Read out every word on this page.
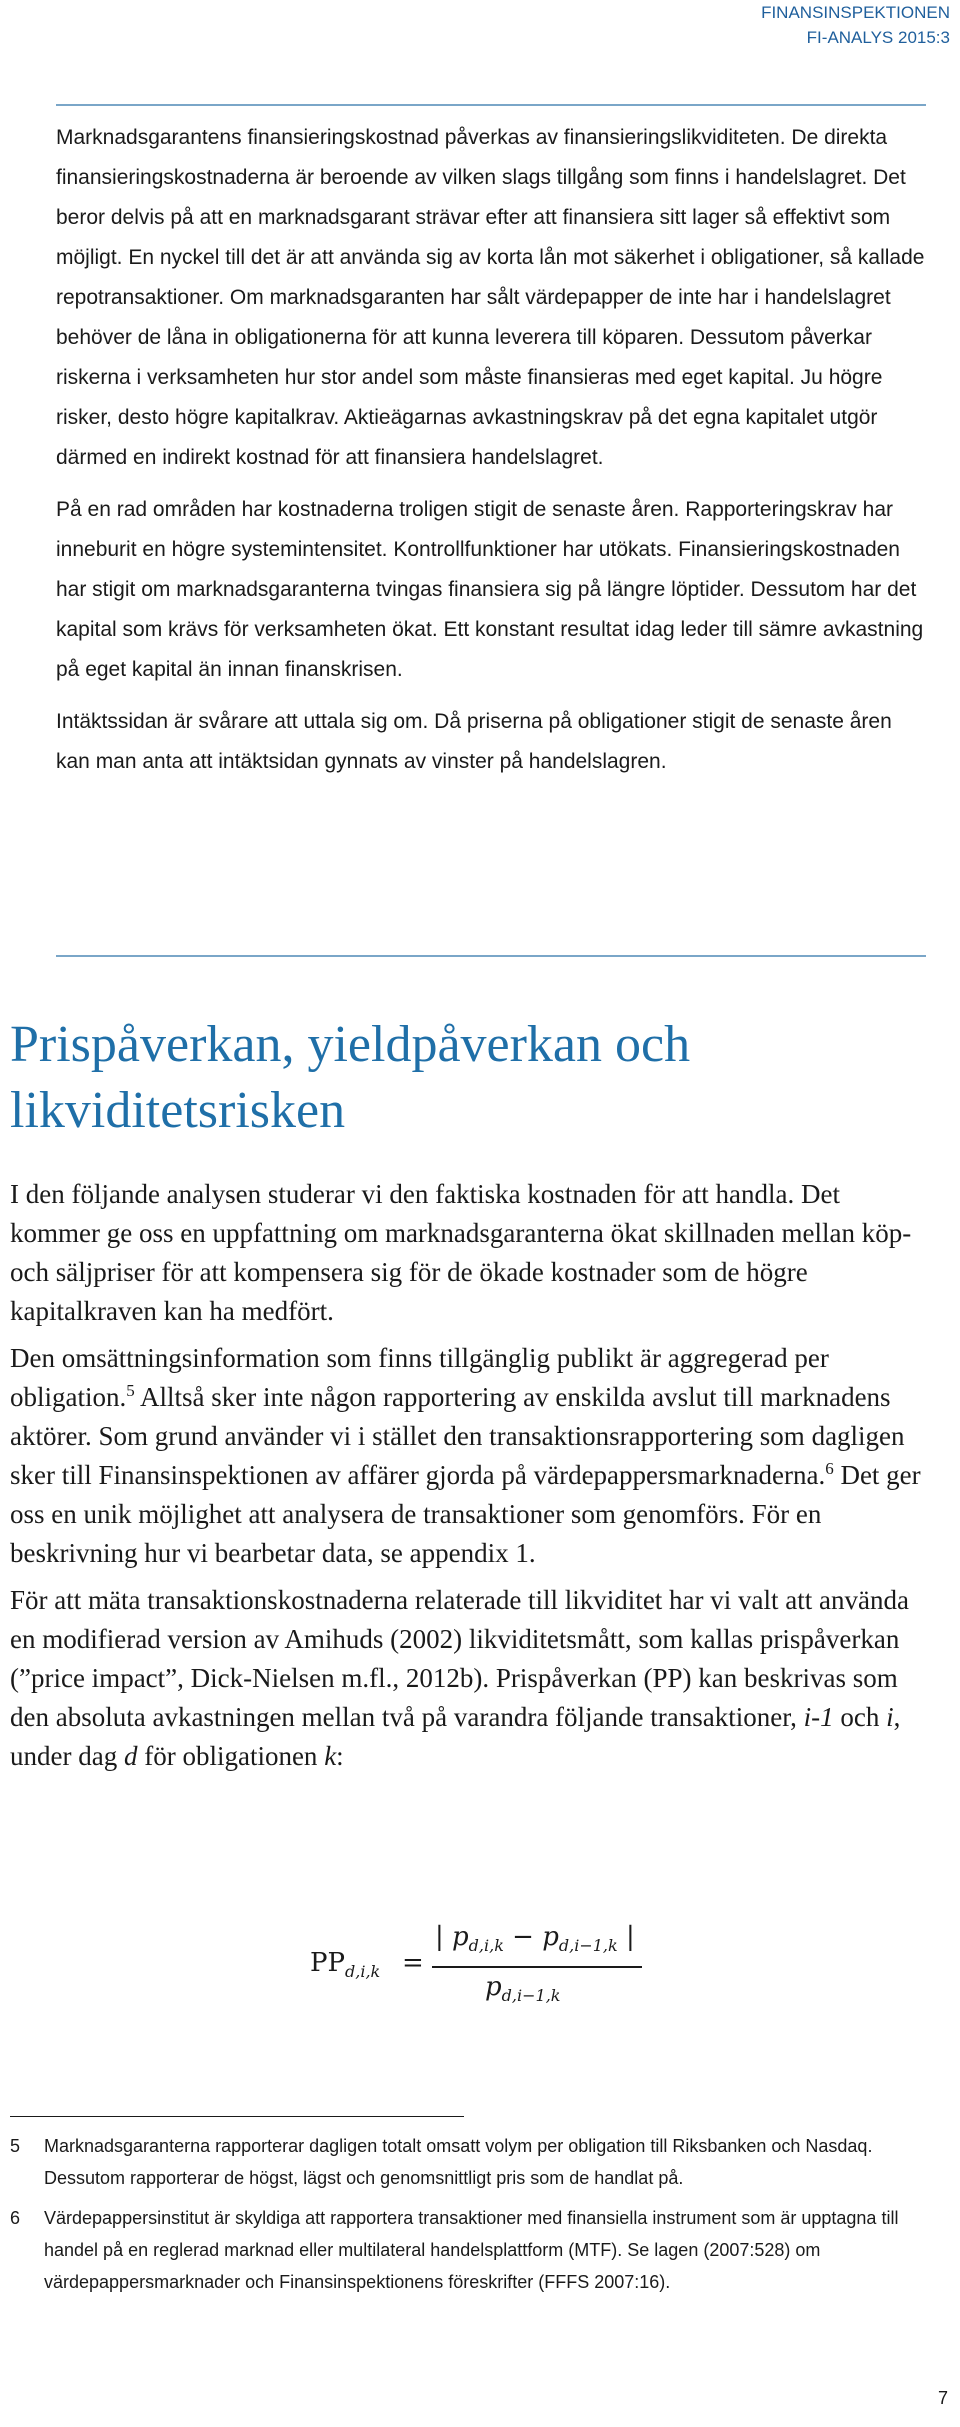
FINANSINSPEKTIONEN
FI-ANALYS 2015:3

Marknadsgarantens finansieringskostnad påverkas av finansieringslikviditeten. De direkta finansieringskostnaderna är beroende av vilken slags tillgång som finns i handelslagret. Det beror delvis på att en marknadsgarant strävar efter att finansiera sitt lager så effektivt som möjligt. En nyckel till det är att använda sig av korta lån mot säkerhet i obligationer, så kallade repotransaktioner. Om marknadsgaranten har sålt värdepapper de inte har i handelslagret behöver de låna in obligationerna för att kunna leverera till köparen. Dessutom påverkar riskerna i verksamheten hur stor andel som måste finansieras med eget kapital. Ju högre risker, desto högre kapitalkrav. Aktieägarnas avkastningskrav på det egna kapitalet utgör därmed en indirekt kostnad för att finansiera handelslagret.

På en rad områden har kostnaderna troligen stigit de senaste åren. Rapporteringskrav har inneburit en högre systemintensitet. Kontrollfunktioner har utökats. Finansieringskostnaden har stigit om marknadsgaranterna tvingas finansiera sig på längre löptider. Dessutom har det kapital som krävs för verksamheten ökat. Ett konstant resultat idag leder till sämre avkastning på eget kapital än innan finanskrisen.

Intäktssidan är svårare att uttala sig om. Då priserna på obligationer stigit de senaste åren kan man anta att intäktsidan gynnats av vinster på handelslagren.

Prispåverkan, yieldpåverkan och likviditetsrisken

I den följande analysen studerar vi den faktiska kostnaden för att handla. Det kommer ge oss en uppfattning om marknadsgaranterna ökat skillnaden mellan köp- och säljpriser för att kompensera sig för de ökade kostnader som de högre kapitalkraven kan ha medfört.

Den omsättningsinformation som finns tillgänglig publikt är aggregerad per obligation.$^5$ Alltså sker inte någon rapportering av enskilda avslut till marknadens aktörer. Som grund använder vi i stället den transaktionsrapportering som dagligen sker till Finansinspektionen av affärer gjorda på värdepappersmarknaderna.$^6$ Det ger oss en unik möjlighet att analysera de transaktioner som genomförs. För en beskrivning hur vi bearbetar data, se appendix 1.

För att mäta transaktionskostnaderna relaterade till likviditet har vi valt att använda en modifierad version av Amihuds (2002) likviditetsmått, som kallas prispåverkan (”price impact”, Dick-Nielsen m.fl., 2012b). Prispåverkan (PP) kan beskrivas som den absoluta avkastningen mellan två på varandra följande transaktioner, i-1 och i, under dag d för obligationen k:

$PP_{d,i,k}$ =
| $p_{d,i,k} - p_{d,i-1,k}$ |
$p_{d,i-1,k}$
5	Marknadsgaranterna rapporterar dagligen totalt omsatt volym per obligation till Riksbanken och Nasdaq. Dessutom rapporterar de högst, lägst och genomsnittligt pris som de handlat på.
6	Värdepappersinstitut är skyldiga att rapportera transaktioner med finansiella instrument som är upptagna till handel på en reglerad marknad eller multilateral handelsplattform (MTF). Se lagen (2007:528) om värdepappersmarknader och Finansinspektionens föreskrifter (FFFS 2007:16).
7
